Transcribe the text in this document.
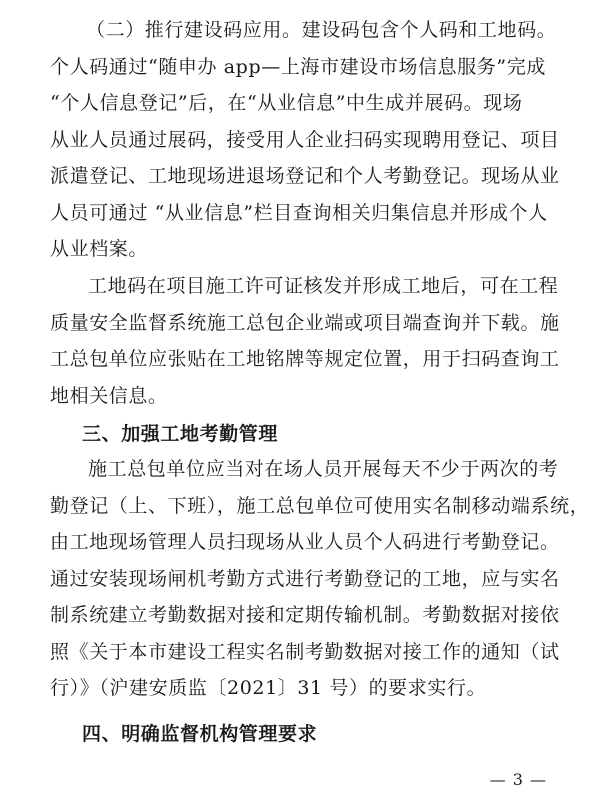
（二）推行建设码应用。建设码包含个人码和工地码。
个人码通过“随申办 app—上海市建设市场信息服务”完成
“个人信息登记”后，在“从业信息”中生成并展码。现场
从业人员通过展码，接受用人企业扫码实现聘用登记、项目
派遣登记、工地现场进退场登记和个人考勤登记。现场从业
人员可通过 “从业信息”栏目查询相关归集信息并形成个人
从业档案。
工地码在项目施工许可证核发并形成工地后，可在工程
质量安全监督系统施工总包企业端或项目端查询并下载。施
工总包单位应张贴在工地铭牌等规定位置，用于扫码查询工
地相关信息。
三、加强工地考勤管理
施工总包单位应当对在场人员开展每天不少于两次的考
勤登记（上、下班），施工总包单位可使用实名制移动端系统，
由工地现场管理人员扫现场从业人员个人码进行考勤登记。
通过安装现场闸机考勤方式进行考勤登记的工地，应与实名
制系统建立考勤数据对接和定期传输机制。考勤数据对接依
照《关于本市建设工程实名制考勤数据对接工作的通知（试
行）》（沪建安质监〔2021〕31 号）的要求实行。
四、明确监督机构管理要求
— 3 —
